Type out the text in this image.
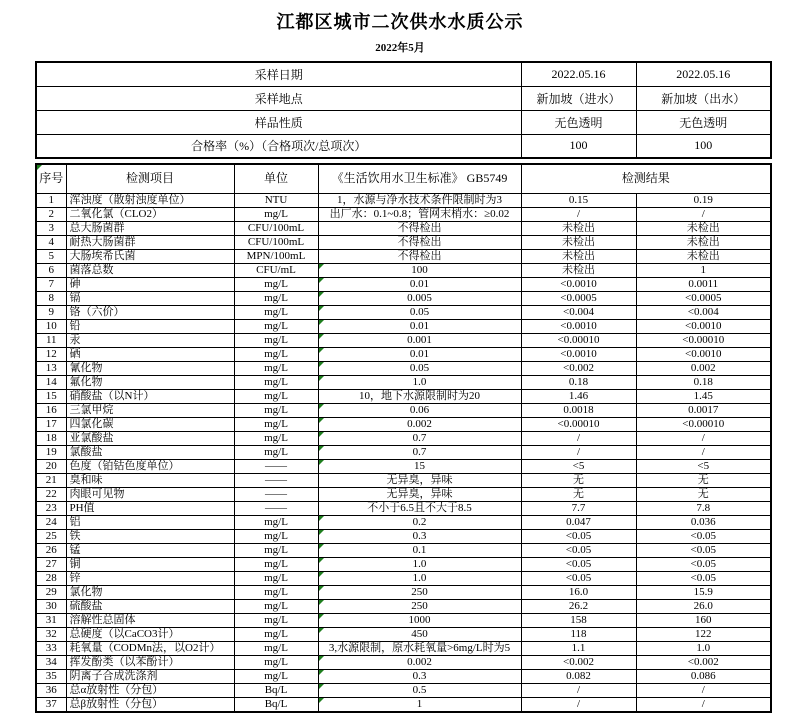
江都区城市二次供水水质公示
2022年5月
采样日期	2022.05.16	2022.05.16
采样地点	新加坡（进水）	新加坡（出水）
样品性质	无色透明	无色透明
合格率（%）（合格项次/总项次）	100	100
序号	检测项目	单位	《生活饮用水卫生标准》 GB5749	检测结果	
1	浑浊度（散射浊度单位）	NTU	1，水源与净水技术条件限制时为3	0.15	0.19
2	二氧化氯（CLO2）	mg/L	出厂水：0.1~0.8；管网末梢水：≥0.02	/	/
3	总大肠菌群	CFU/100mL	不得检出	未检出	未检出
4	耐热大肠菌群	CFU/100mL	不得检出	未检出	未检出
5	大肠埃希氏菌	MPN/100mL	不得检出	未检出	未检出
6	菌落总数	CFU/mL	100	未检出	1
7	砷	mg/L	0.01	<0.0010	0.0011
8	镉	mg/L	0.005	<0.0005	<0.0005
9	铬（六价）	mg/L	0.05	<0.004	<0.004
10	铅	mg/L	0.01	<0.0010	<0.0010
11	汞	mg/L	0.001	<0.00010	<0.00010
12	硒	mg/L	0.01	<0.0010	<0.0010
13	氰化物	mg/L	0.05	<0.002	0.002
14	氟化物	mg/L	1.0	0.18	0.18
15	硝酸盐（以N计）	mg/L	10，地下水源限制时为20	1.46	1.45
16	三氯甲烷	mg/L	0.06	0.0018	0.0017
17	四氯化碳	mg/L	0.002	<0.00010	<0.00010
18	亚氯酸盐	mg/L	0.7	/	/
19	氯酸盐	mg/L	0.7	/	/
20	色度（铂钴色度单位）	——	15	<5	<5
21	臭和味	——	无异臭，异味	无	无
22	肉眼可见物	——	无异臭，异味	无	无
23	PH值	——	不小于6.5且不大于8.5	7.7	7.8
24	铝	mg/L	0.2	0.047	0.036
25	铁	mg/L	0.3	<0.05	<0.05
26	锰	mg/L	0.1	<0.05	<0.05
27	铜	mg/L	1.0	<0.05	<0.05
28	锌	mg/L	1.0	<0.05	<0.05
29	氯化物	mg/L	250	16.0	15.9
30	硫酸盐	mg/L	250	26.2	26.0
31	溶解性总固体	mg/L	1000	158	160
32	总硬度（以CaCO3计）	mg/L	450	118	122
33	耗氧量（CODMn法，以O2计）	mg/L	3,水源限制，原水耗氧量>6mg/L时为5	1.1	1.0
34	挥发酚类（以苯酚计）	mg/L	0.002	<0.002	<0.002
35	阴离子合成洗涤剂	mg/L	0.3	0.082	0.086
36	总α放射性（分包）	Bq/L	0.5	/	/
37	总β放射性（分包）	Bq/L	1	/	/
